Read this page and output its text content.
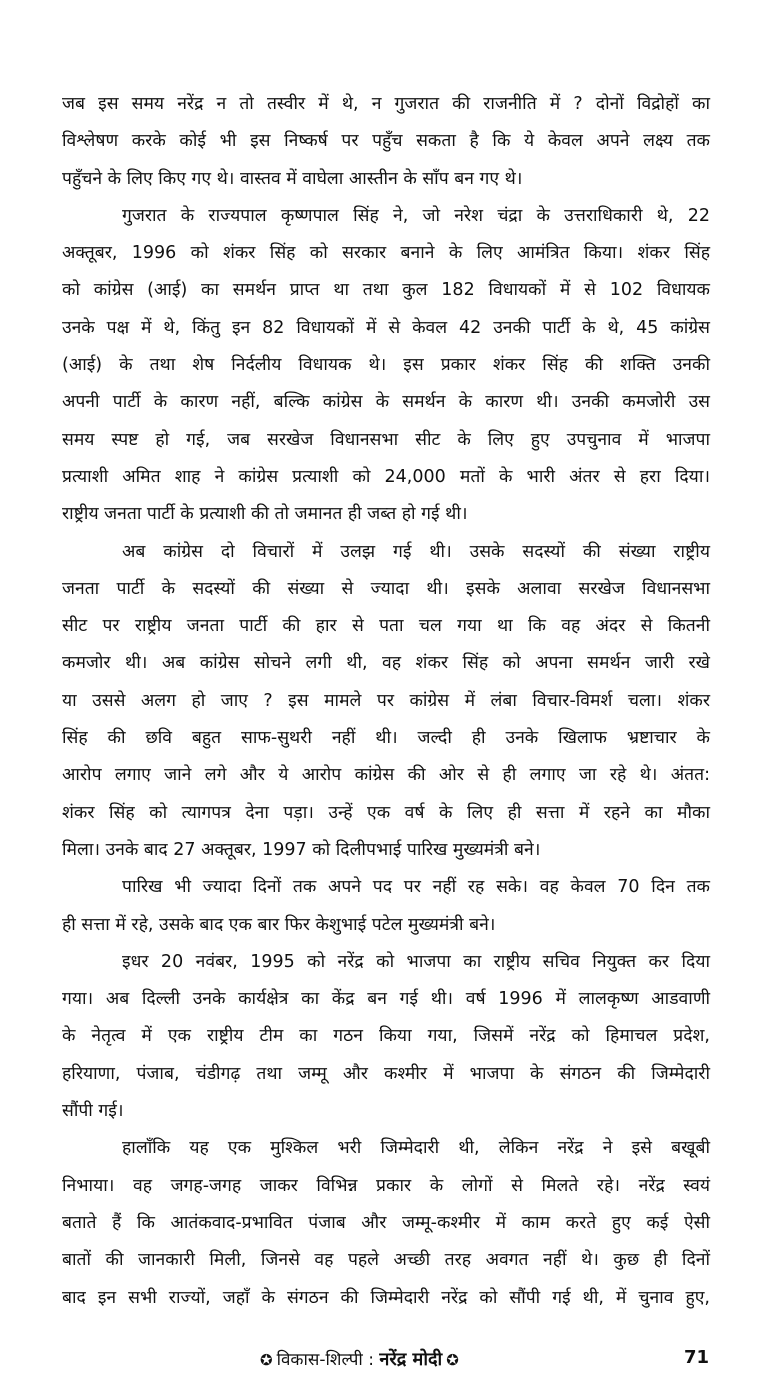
जब इस समय नरेंद्र न तो तस्वीर में थे, न गुजरात की राजनीति में ? दोनों विद्रोहों का
विश्लेषण करके कोई भी इस निष्कर्ष पर पहुँच सकता है कि ये केवल अपने लक्ष्य तक
पहुँचने के लिए किए गए थे। वास्तव में वाघेला आस्तीन के साँप बन गए थे।
गुजरात के राज्यपाल कृष्णपाल सिंह ने, जो नरेश चंद्रा के उत्तराधिकारी थे, 22
अक्तूबर, 1996 को शंकर सिंह को सरकार बनाने के लिए आमंत्रित किया। शंकर सिंह
को कांग्रेस (आई) का समर्थन प्राप्त था तथा कुल 182 विधायकों में से 102 विधायक
उनके पक्ष में थे, किंतु इन 82 विधायकों में से केवल 42 उनकी पार्टी के थे, 45 कांग्रेस
(आई) के तथा शेष निर्दलीय विधायक थे। इस प्रकार शंकर सिंह की शक्ति उनकी
अपनी पार्टी के कारण नहीं, बल्कि कांग्रेस के समर्थन के कारण थी। उनकी कमजोरी उस
समय स्पष्ट हो गई, जब सरखेज विधानसभा सीट के लिए हुए उपचुनाव में भाजपा
प्रत्याशी अमित शाह ने कांग्रेस प्रत्याशी को 24,000 मतों के भारी अंतर से हरा दिया।
राष्ट्रीय जनता पार्टी के प्रत्याशी की तो जमानत ही जब्त हो गई थी।
अब कांग्रेस दो विचारों में उलझ गई थी। उसके सदस्यों की संख्या राष्ट्रीय
जनता पार्टी के सदस्यों की संख्या से ज्यादा थी। इसके अलावा सरखेज विधानसभा
सीट पर राष्ट्रीय जनता पार्टी की हार से पता चल गया था कि वह अंदर से कितनी
कमजोर थी। अब कांग्रेस सोचने लगी थी, वह शंकर सिंह को अपना समर्थन जारी रखे
या उससे अलग हो जाए ? इस मामले पर कांग्रेस में लंबा विचार-विमर्श चला। शंकर
सिंह की छवि बहुत साफ-सुथरी नहीं थी। जल्दी ही उनके खिलाफ भ्रष्टाचार के
आरोप लगाए जाने लगे और ये आरोप कांग्रेस की ओर से ही लगाए जा रहे थे। अंतत:
शंकर सिंह को त्यागपत्र देना पड़ा। उन्हें एक वर्ष के लिए ही सत्ता में रहने का मौका
मिला। उनके बाद 27 अक्तूबर, 1997 को दिलीपभाई पारिख मुख्यमंत्री बने।
पारिख भी ज्यादा दिनों तक अपने पद पर नहीं रह सके। वह केवल 70 दिन तक
ही सत्ता में रहे, उसके बाद एक बार फिर केशुभाई पटेल मुख्यमंत्री बने।
इधर 20 नवंबर, 1995 को नरेंद्र को भाजपा का राष्ट्रीय सचिव नियुक्त कर दिया
गया। अब दिल्ली उनके कार्यक्षेत्र का केंद्र बन गई थी। वर्ष 1996 में लालकृष्ण आडवाणी
के नेतृत्व में एक राष्ट्रीय टीम का गठन किया गया, जिसमें नरेंद्र को हिमाचल प्रदेश,
हरियाणा, पंजाब, चंडीगढ़ तथा जम्मू और कश्मीर में भाजपा के संगठन की जिम्मेदारी
सौंपी गई।
हालाँकि यह एक मुश्किल भरी जिम्मेदारी थी, लेकिन नरेंद्र ने इसे बखूबी
निभाया। वह जगह-जगह जाकर विभिन्न प्रकार के लोगों से मिलते रहे। नरेंद्र स्वयं
बताते हैं कि आतंकवाद-प्रभावित पंजाब और जम्मू-कश्मीर में काम करते हुए कई ऐसी
बातों की जानकारी मिली, जिनसे वह पहले अच्छी तरह अवगत नहीं थे। कुछ ही दिनों
बाद इन सभी राज्यों, जहाँ के संगठन की जिम्मेदारी नरेंद्र को सौंपी गई थी, में चुनाव हुए,
✪ विकास-शिल्पी : नरेंद्र मोदी ✪	71
